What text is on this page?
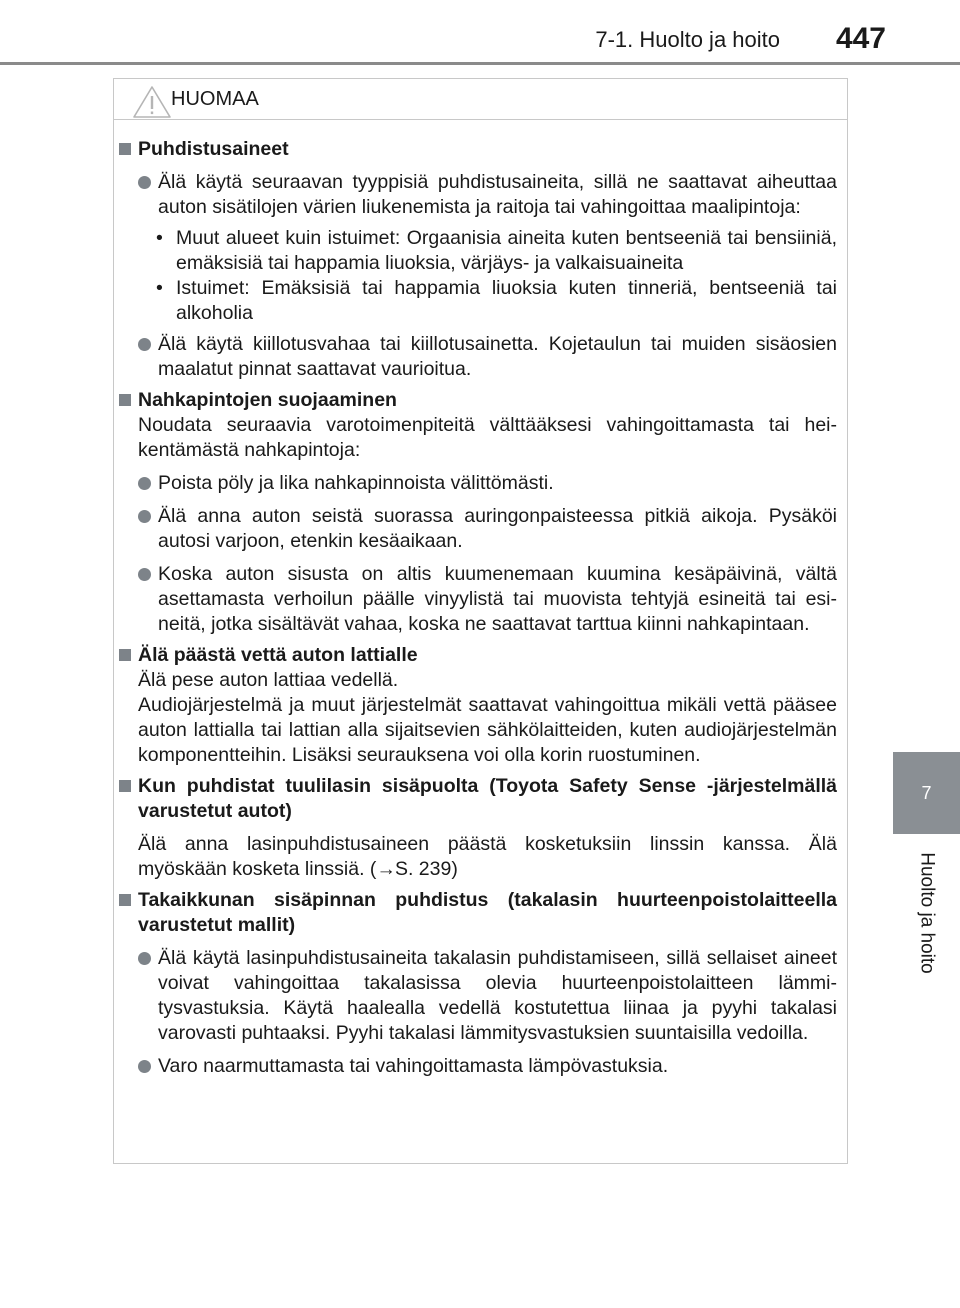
7-1. Huolto ja hoito 447
7
Huolto ja hoito
HUOMAA
Puhdistusaineet
Älä käytä seuraavan tyyppisiä puhdistusaineita, sillä ne saattavat aiheuttaa auton sisätilojen värien liukenemista ja raitoja tai vahingoittaa maalipintoja:
• Muut alueet kuin istuimet: Orgaanisia aineita kuten bentseeniä tai bensiiniä, emäksisiä tai happamia liuoksia, värjäys- ja valkaisuaineita
• Istuimet: Emäksisiä tai happamia liuoksia kuten tinneriä, bentseeniä tai alkoholia
Älä käytä kiillotusvahaa tai kiillotusainetta. Kojetaulun tai muiden sisäosien maalatut pinnat saattavat vaurioitua.
Nahkapintojen suojaaminen

Noudata seuraavia varotoimenpiteitä välttääksesi vahingoittamasta tai heikentämästä nahkapintoja:

Poista pöly ja lika nahkapinnoista välittömästi.
Älä anna auton seistä suorassa auringonpaisteessa pitkiä aikoja. Pysäköi autosi varjoon, etenkin kesäaikaan.
Koska auton sisusta on altis kuumenemaan kuumina kesäpäivinä, vältä asettamasta verhoilun päälle vinyylistä tai muovista tehtyjä esineitä tai esineitä, jotka sisältävät vahaa, koska ne saattavat tarttua kiinni nahkapintaan.
Älä päästä vettä auton lattialle

Älä pese auton lattiaa vedellä.

Audiojärjestelmä ja muut järjestelmät saattavat vahingoittua mikäli vettä pääsee auton lattialla tai lattian alla sijaitsevien sähkölaitteiden, kuten audiojärjestelmän komponentteihin. Lisäksi seurauksena voi olla korin ruostuminen.

Kun puhdistat tuulilasin sisäpuolta (Toyota Safety Sense -järjestelmällä varustetut autot)

Älä anna lasinpuhdistusaineen päästä kosketuksiin linssin kanssa. Älä myöskään kosketa linssiä. (→S. 239)

Takaikkunan sisäpinnan puhdistus (takalasin huurteenpoistolaitteella varustetut mallit)
Älä käytä lasinpuhdistusaineita takalasin puhdistamiseen, sillä sellaiset aineet voivat vahingoittaa takalasissa olevia huurteenpoistolaitteen lämmitysvastuksia. Käytä haalealla vedellä kostutettua liinaa ja pyyhi takalasi varovasti puhtaaksi. Pyyhi takalasi lämmitysvastuksien suuntaisilla vedoilla.
Varo naarmuttamasta tai vahingoittamasta lämpövastuksia.
